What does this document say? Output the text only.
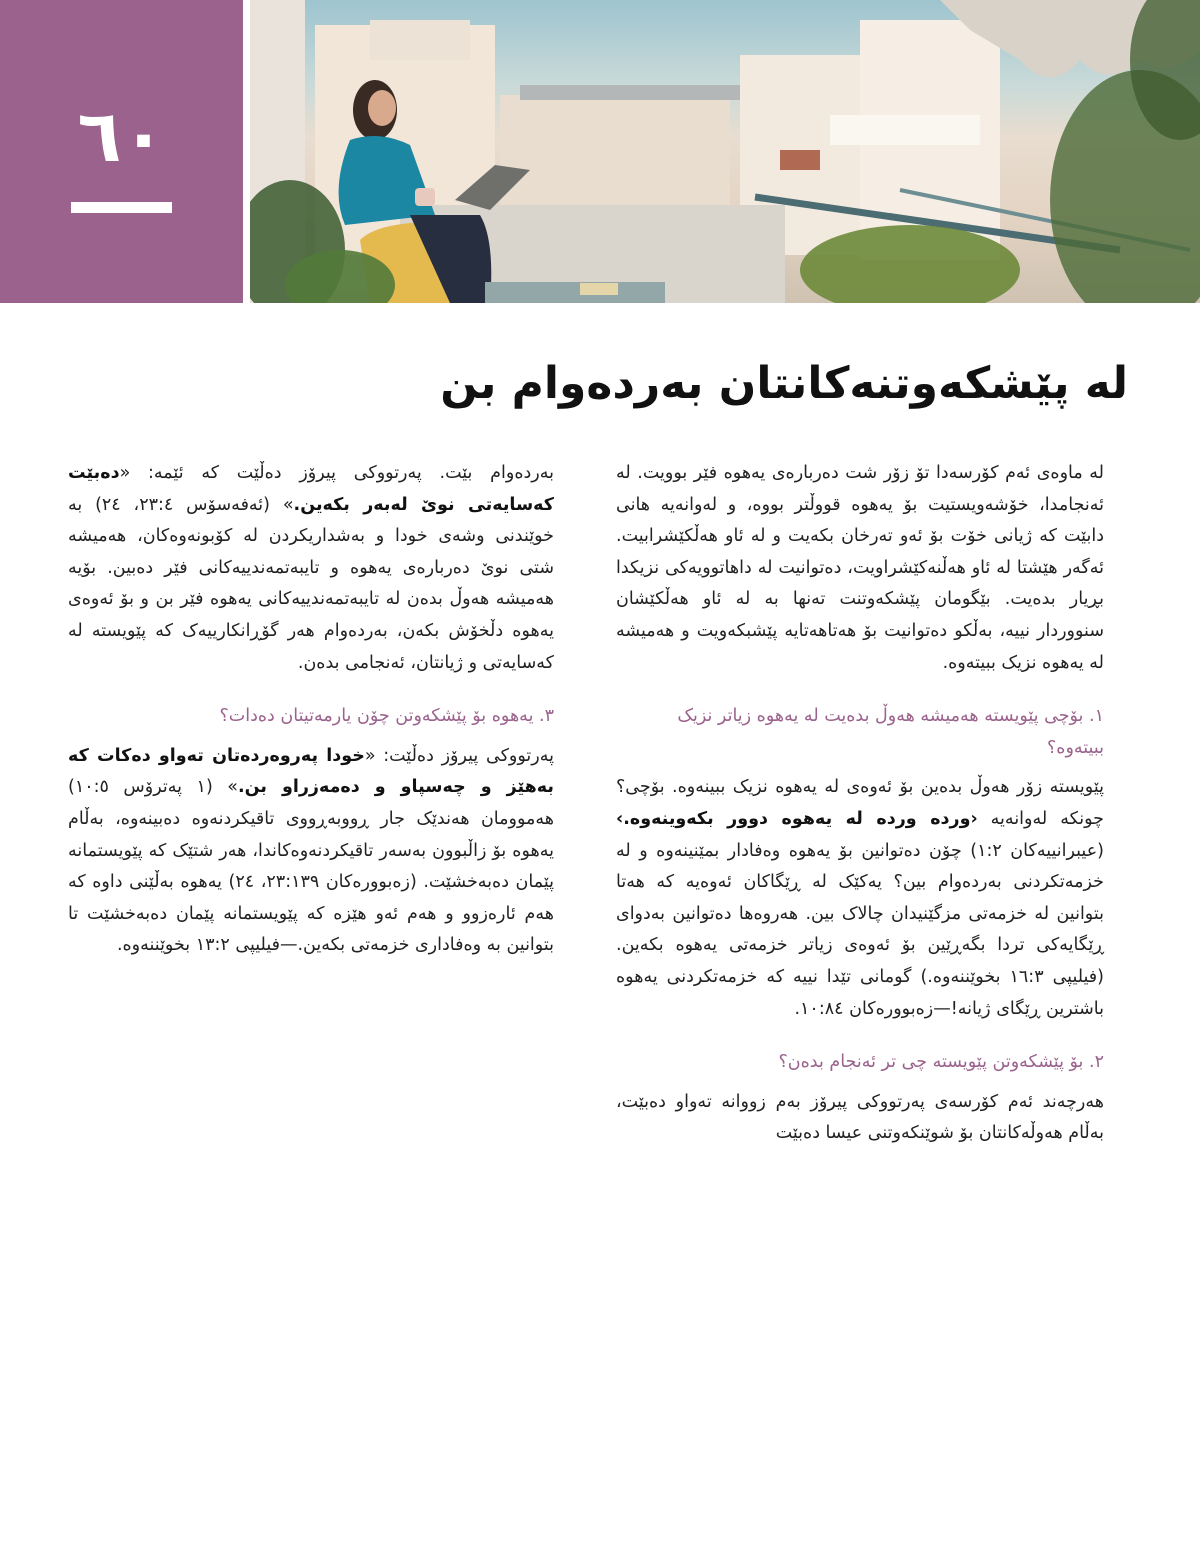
٦٠
له‌ پێشکه‌وتنه‌کانتان به‌رده‌وام بن

له‌ ماوه‌ی ئه‌م کۆرسه‌دا تۆ زۆر شت ده‌رباره‌ی یه‌هوه‌ فێر بوویت. له‌ ئه‌نجامدا، خۆشه‌ویستیت بۆ یه‌هوه‌ قووڵتر بووه‌، و له‌وانه‌یه‌ هانی دابێت که‌ ژیانی خۆت بۆ ئه‌و ته‌رخان بکه‌یت و له‌ ئاو هه‌ڵکێشرابیت. ئه‌گه‌ر هێشتا له‌ ئاو هه‌ڵنه‌کێشراویت، ده‌توانیت له‌ داهاتوویه‌کی نزیکدا بڕیار بده‌یت. بێگومان پێشکه‌وتنت ته‌نها به‌ له‌ ئاو هه‌ڵکێشان سنووردار نییه‌، به‌ڵکو ده‌توانیت بۆ هه‌تاهه‌تایه‌ پێشبکه‌ویت و هه‌میشه‌ له‌ یه‌هوه‌ نزیک ببیته‌وه‌.

١. بۆچی پێویسته‌ هه‌میشه‌ هه‌وڵ بده‌یت له‌ یه‌هوه‌ زیاتر نزیک ببیته‌وه‌؟

پێویسته‌ زۆر هه‌وڵ بده‌ین بۆ ئه‌وه‌ی له‌ یه‌هوه‌ نزیک ببینه‌وه‌. بۆچی؟ چونکه‌ له‌وانه‌یه‌ ‹ورده‌ ورده‌ له‌ یه‌هوه‌ دوور بکه‌وینه‌وه‌.› (عیبرانییه‌کان ١:٢) چۆن ده‌توانین بۆ یه‌هوه‌ وه‌فادار بمێنینه‌وه‌ و له‌ خزمه‌تکردنی به‌رده‌وام بین؟ یه‌کێک له‌ ڕێگاکان ئه‌وه‌یه‌ که‌ هه‌تا بتوانین له‌ خزمه‌تی مزگێنیدان چالاک بین. هه‌روه‌ها ده‌توانین به‌دوای ڕێگایه‌کی تردا بگه‌ڕێین بۆ ئه‌وه‌ی زیاتر خزمه‌تی یه‌هوه‌ بکه‌ین. (فیلیپی ١٦:٣ بخوێننه‌وه‌.) گومانی تێدا نییه‌ که‌ خزمه‌تکردنی یه‌هوه‌ باشترین ڕێگای ژیانه‌!—زه‌بووره‌کان ١٠:٨٤.

٢. بۆ پێشکه‌وتن پێویسته‌ چی تر ئه‌نجام بده‌ن؟

هه‌رچه‌ند ئه‌م کۆرسه‌ی په‌رتووکی پیرۆز به‌م زووانه‌ ته‌واو ده‌بێت، به‌ڵام هه‌وڵه‌کانتان بۆ شوێنکه‌وتنی عیسا ده‌بێت

به‌رده‌وام بێت. په‌رتووکی پیرۆز ده‌ڵێت که‌ ئێمه‌: «ده‌بێت که‌سایه‌تی نوێ له‌به‌ر بکه‌ین.» (ئه‌فه‌سۆس ٢٣:٤، ٢٤) به‌ خوێندنی وشه‌ی خودا و به‌شداریکردن له‌ کۆبونه‌وه‌کان، هه‌میشه‌ شتی نوێ ده‌رباره‌ی یه‌هوه‌ و تایبه‌تمه‌ندییه‌کانی فێر ده‌بین. بۆیه‌ هه‌میشه‌ هه‌وڵ بده‌ن له‌ تایبه‌تمه‌ندییه‌کانی یه‌هوه‌ فێر بن و بۆ ئه‌وه‌ی یه‌هوه‌ دڵخۆش بکه‌ن، به‌رده‌وام هه‌ر گۆڕانکارییه‌ک که‌ پێویسته‌ له‌ که‌سایه‌تی و ژیانتان، ئه‌نجامی بده‌ن.

٣. یه‌هوه‌ بۆ پێشکه‌وتن چۆن یارمه‌تیتان ده‌دات؟

په‌رتووکی پیرۆز ده‌ڵێت: «خودا په‌روه‌رده‌تان ته‌واو ده‌کات که‌ به‌هێز و چه‌سپاو و ده‌مه‌زراو بن.» (١ په‌ترۆس ١٠:٥) هه‌موومان هه‌ندێک جار ڕووبه‌ڕووی تاقیکردنه‌وه‌ ده‌بینه‌وه‌، به‌ڵام یه‌هوه‌ بۆ زاڵبوون به‌سه‌ر تاقیکردنه‌وه‌کاندا، هه‌ر شتێک که‌ پێویستمانه‌ پێمان ده‌به‌خشێت. (زه‌بووره‌کان ٢٣:١٣٩، ٢٤) یه‌هوه‌ به‌ڵێنی داوه‌ که‌ هه‌م ئاره‌زوو و هه‌م ئه‌و هێزه‌ که‌ پێویستمانه‌ پێمان ده‌به‌خشێت تا بتوانین به‌ وه‌فاداری خزمه‌تی بکه‌ین.—فیلیپی ١٣:٢ بخوێننه‌وه‌.
